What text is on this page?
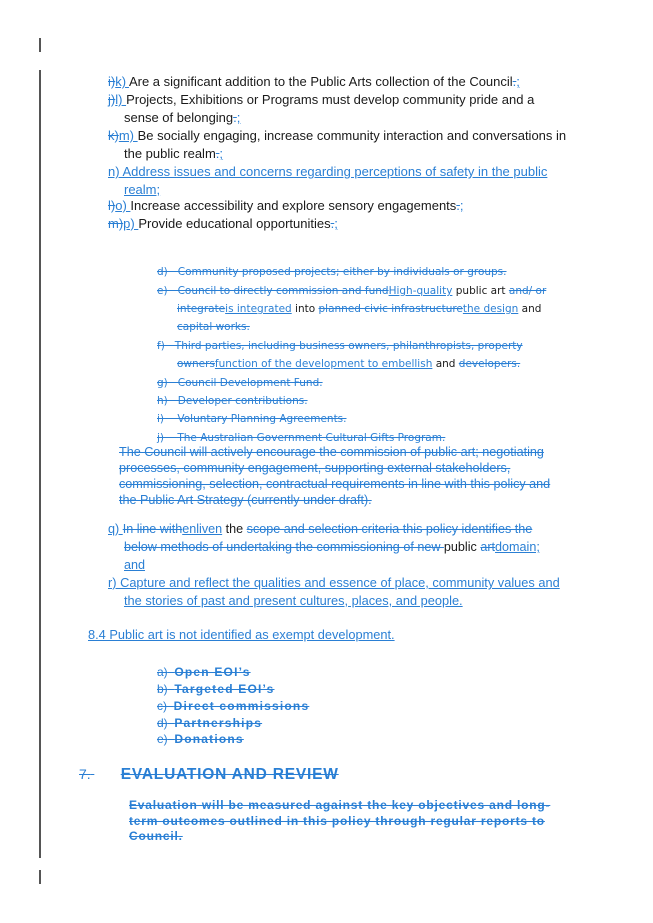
i)k) Are a significant addition to the Public Arts collection of the Council.;
j)l) Projects, Exhibitions or Programs must develop community pride and a
sense of belonging.;
k)m) Be socially engaging, increase community interaction and conversations in
the public realm.;
n) Address issues and concerns regarding perceptions of safety in the public
realm;
l)o) Increase accessibility and explore sensory engagements.;
m)p) Provide educational opportunities.;
d)   Community proposed projects; either by individuals or groups.
e)   Council to directly commission and fundHigh-quality public art and/ or
integrateis integrated into planned civic infrastructurethe design and
capital works.
f)   Third parties, including business owners, philanthropists, property
ownersfunction of the development to embellish and developers.
g)   Council Development Fund.
h)   Developer contributions.
i)    Voluntary Planning Agreements.
j)    The Australian Government Cultural Gifts Program.
The Council will actively encourage the commission of public art; negotiating
processes, community engagement, supporting external stakeholders,
commissioning, selection, contractual requirements in line with this policy and
the Public Art Strategy (currently under draft).
q) In line withenliven the scope and selection criteria this policy identifies the
below methods of undertaking the commissioning of new public artdomain;
and
r) Capture and reflect the qualities and essence of place, community values and
the stories of past and present cultures, places, and people.
8.4 Public art is not identified as exempt development.
a) Open EOI’s
b) Targeted EOI’s
c) Direct commissions
d) Partnerships
e) Donations
7. EVALUATION AND REVIEW
Evaluation will be measured against the key objectives and long-term outcomes outlined in this policy through regular reports to Council.
